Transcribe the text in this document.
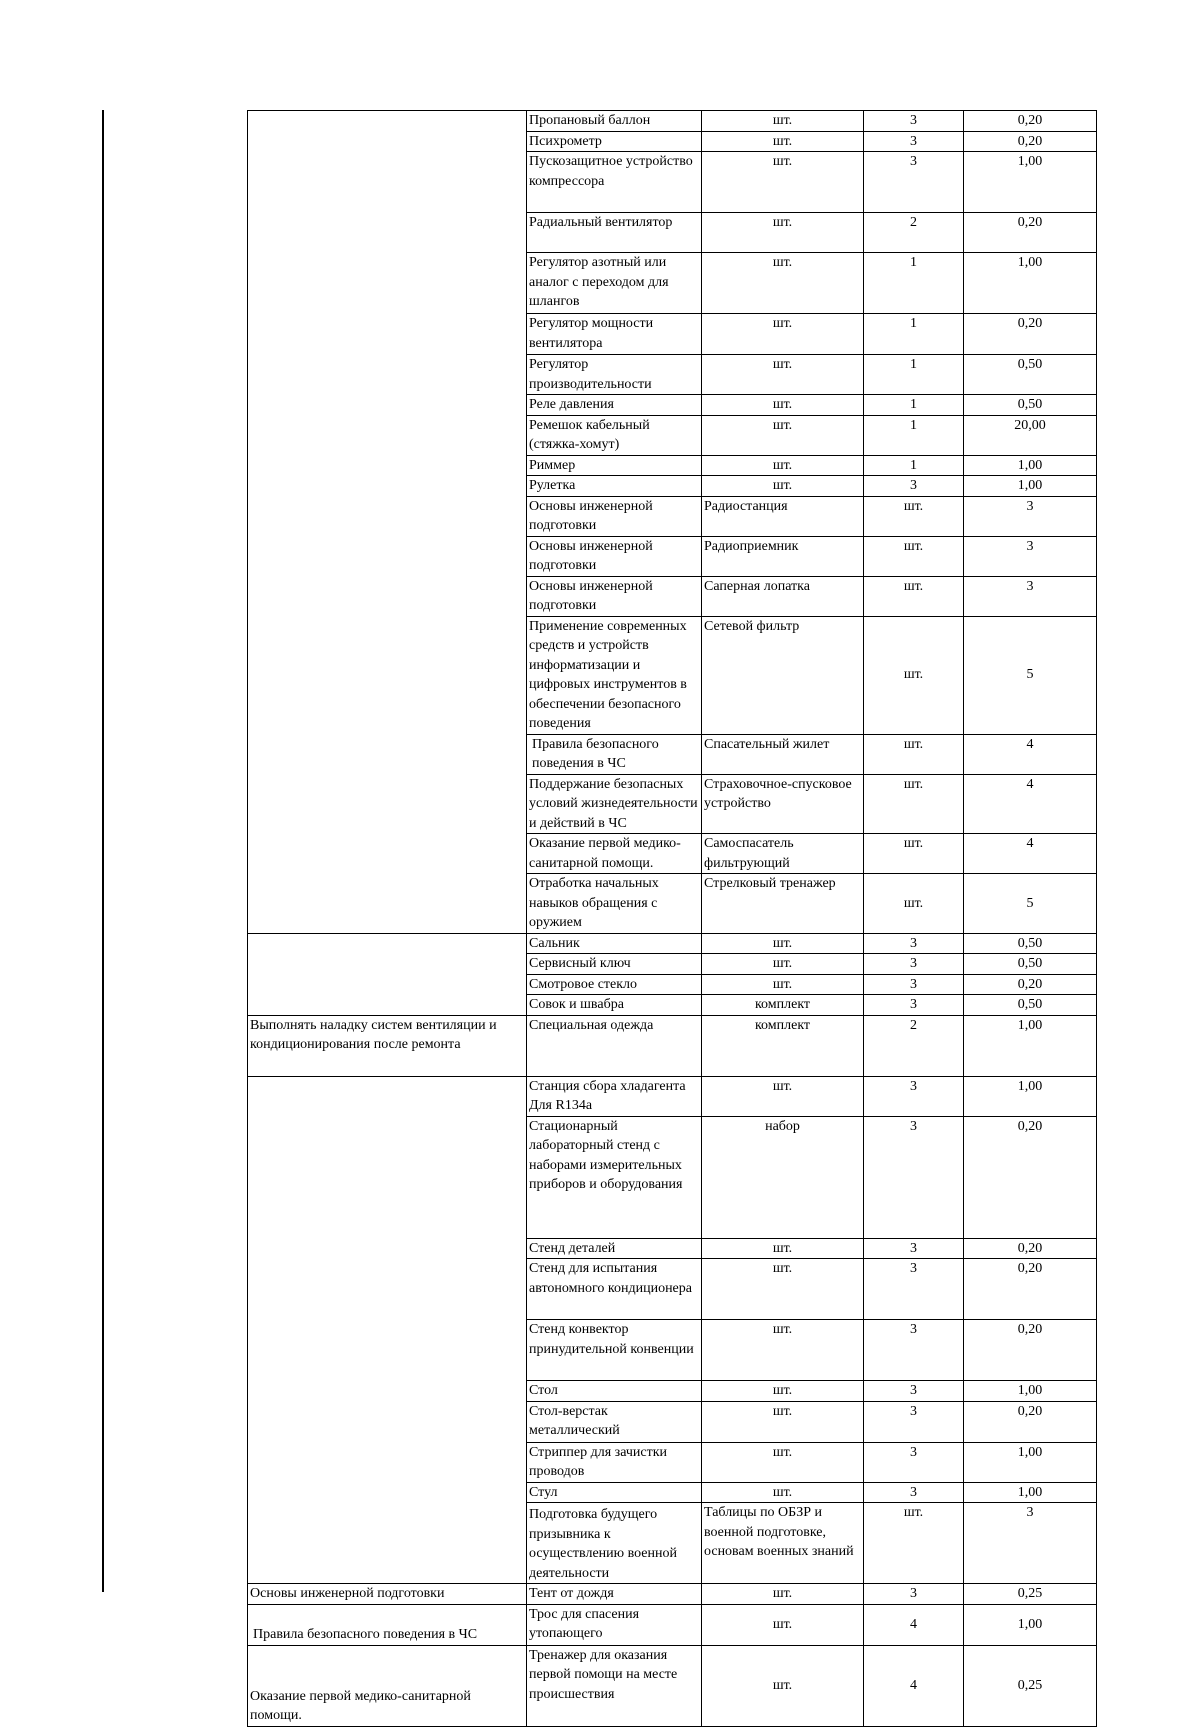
	Пропановый баллон	шт.	3	0,20	
	Психрометр	шт.	3	0,20	
	Пускозащитное устройство компрессора	шт.	3	1,00	
	Радиальный вентилятор	шт.	2	0,20	
	Регулятор азотный или аналог с переходом для шлангов	шт.	1	1,00	
	Регулятор мощности вентилятора	шт.	1	0,20	
	Регулятор производительности	шт.	1	0,50	
	Реле давления	шт.	1	0,50	
	Ремешок кабельный (стяжка-хомут)	шт.	1	20,00	
	Риммер	шт.	1	1,00	
	Рулетка	шт.	3	1,00	
	Основы инженерной подготовки	Радиостанция	шт.	3	
	Основы инженерной подготовки	Радиоприемник	шт.	3	
	Основы инженерной подготовки	Саперная лопатка	шт.	3	
	Применение современных средств и устройств информатизации и цифровых инструментов в обеспечении безопасного поведения	Сетевой фильтр	шт.	5	
	Правила безопасного поведения в ЧС	Спасательный жилет	шт.	4	
	Поддержание безопасных условий жизнедеятельности и действий в ЧС	Страховочное-спусковое устройство	шт.	4	
	Оказание первой медико-санитарной помощи.	Самоспасатель фильтрующий	шт.	4	
	Отработка начальных навыков обращения с оружием	Стрелковый тренажер	шт.	5	
	Сальник	шт.	3	0,50	
	Сервисный ключ	шт.	3	0,50	
	Смотровое стекло	шт.	3	0,20	
	Совок и швабра	комплект	3	0,50	
Выполнять наладку систем вентиляции и кондиционирования после ремонта	Специальная одежда	комплект	2	1,00	
	Станция сбора хладагента Для R134a	шт.	3	1,00	
	Стационарный лабораторный стенд с наборами измерительных приборов и оборудования	набор	3	0,20	
	Стенд деталей	шт.	3	0,20	
	Стенд для испытания автономного кондиционера	шт.	3	0,20	
	Стенд конвектор принудительной конвенции	шт.	3	0,20	
	Стол	шт.	3	1,00	
	Стол-верстак металлический	шт.	3	0,20	
	Стриппер для зачистки проводов	шт.	3	1,00	
	Стул	шт.	3	1,00	
	Подготовка будущего призывника к осуществлению военной деятельности	Таблицы по ОБЗР и военной подготовке, основам военных знаний	шт.	3	
Основы инженерной подготовки	Тент от дождя	шт.	3	0,25	
Правила безопасного поведения в ЧС	Трос для спасения утопающего	шт.	4	1,00	
Оказание первой медико-санитарной помощи.	Тренажер для оказания первой помощи на месте происшествия	шт.	4	0,25	
